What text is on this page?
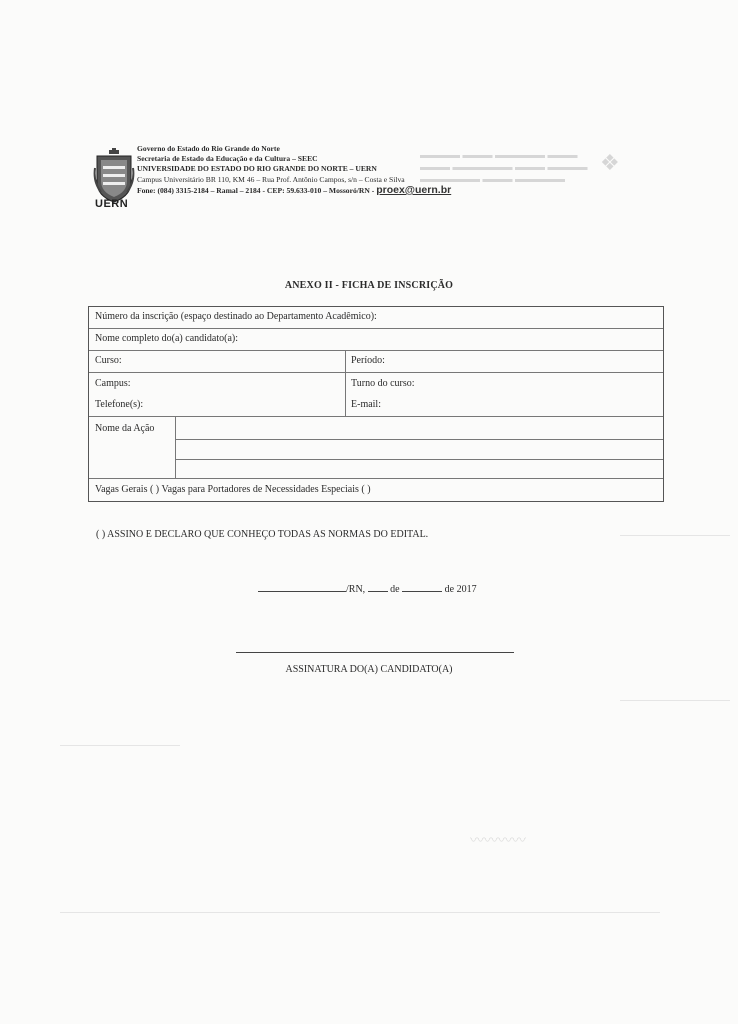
▬▬▬▬ ▬▬▬ ▬▬▬▬▬ ▬▬▬
▬▬▬ ▬▬▬▬▬▬ ▬▬▬ ▬▬▬▬
▬▬▬▬▬▬ ▬▬▬ ▬▬▬▬▬
❖
〰〰〰〰
UERN
Governo do Estado do Rio Grande do Norte
Secretaria de Estado da Educação e da Cultura – SEEC
UNIVERSIDADE DO ESTADO DO RIO GRANDE DO NORTE – UERN
Campus Universitário BR 110, KM 46 – Rua Prof. Antônio Campos, s/n – Costa e Silva
Fone: (084) 3315-2184 – Ramal – 2184 - CEP: 59.633-010 – Mossoró/RN - proex@uern.br
ANEXO II - FICHA DE INSCRIÇÃO
Número da inscrição (espaço destinado ao Departamento Acadêmico):
Nome completo do(a) candidato(a):
Curso:	Período:
Campus:	Turno do curso:
Telefone(s):	E-mail:
Nome da Ação
Vagas Gerais ( ) Vagas para Portadores de Necessidades Especiais ( )
( ) ASSINO E DECLARO QUE CONHEÇO TODAS AS NORMAS DO EDITAL.
/RN,	de	de 2017
ASSINATURA DO(A) CANDIDATO(A)
